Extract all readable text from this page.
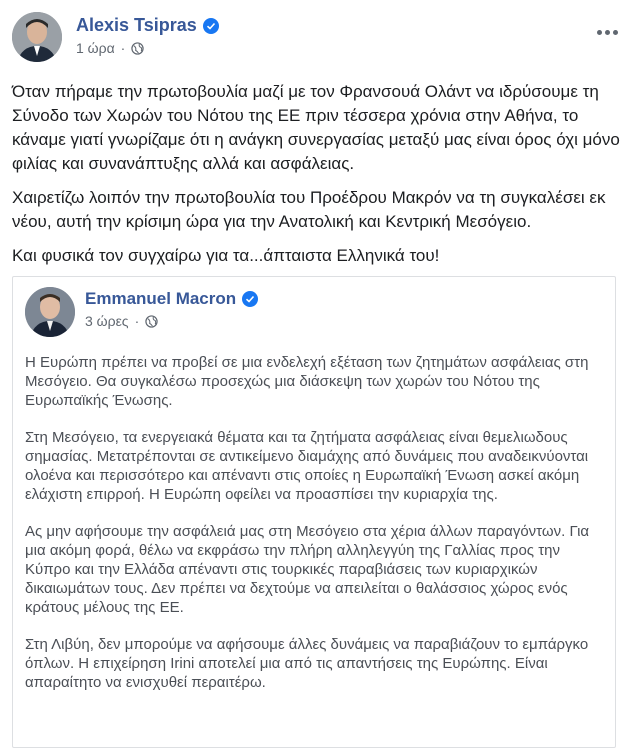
Alexis Tsipras
1 ώρα ·

Όταν πήραμε την πρωτοβουλία μαζί με τον Φρανσουά Ολάντ να ιδρύσουμε τη Σύνοδο των Χωρών του Νότου της ΕΕ πριν τέσσερα χρόνια στην Αθήνα, το κάναμε γιατί γνωρίζαμε ότι η ανάγκη συνεργασίας μεταξύ μας είναι όρος όχι μόνο φιλίας και συνανάπτυξης αλλά και ασφάλειας.

Χαιρετίζω λοιπόν την πρωτοβουλία του Προέδρου Μακρόν να τη συγκαλέσει εκ νέου, αυτή την κρίσιμη ώρα για την Ανατολική και Κεντρική Μεσόγειο.

Και φυσικά τον συγχαίρω για τα...άπταιστα Ελληνικά του!

Emmanuel Macron
3 ώρες ·

Η Ευρώπη πρέπει να προβεί σε μια ενδελεχή εξέταση των ζητημάτων ασφάλειας στη Μεσόγειο. Θα συγκαλέσω προσεχώς μια διάσκεψη των χωρών του Νότου της Ευρωπαϊκής Ένωσης.

Στη Μεσόγειο, τα ενεργειακά θέματα και τα ζητήματα ασφάλειας είναι θεμελιωδους σημασίας. Μετατρέπονται σε αντικείμενο διαμάχης από δυνάμεις που αναδεικνύονται ολοένα και περισσότερο και απέναντι στις οποίες η Ευρωπαϊκή Ένωση ασκεί ακόμη ελάχιστη επιρροή. Η Ευρώπη οφείλει να προασπίσει την κυριαρχία της.

Ας μην αφήσουμε την ασφάλειά μας στη Μεσόγειο στα χέρια άλλων παραγόντων. Για μια ακόμη φορά, θέλω να εκφράσω την πλήρη αλληλεγγύη της Γαλλίας προς την Κύπρο και την Ελλάδα απέναντι στις τουρκικές παραβιάσεις των κυριαρχικών δικαιωμάτων τους. Δεν πρέπει να δεχτούμε να απειλείται ο θαλάσσιος χώρος ενός κράτους μέλους της ΕΕ.

Στη Λιβύη, δεν μπορούμε να αφήσουμε άλλες δυνάμεις να παραβιάζουν το εμπάργκο όπλων. Η επιχείρηση Irini αποτελεί μια από τις απαντήσεις της Ευρώπης. Είναι απαραίτητο να ενισχυθεί περαιτέρω.
